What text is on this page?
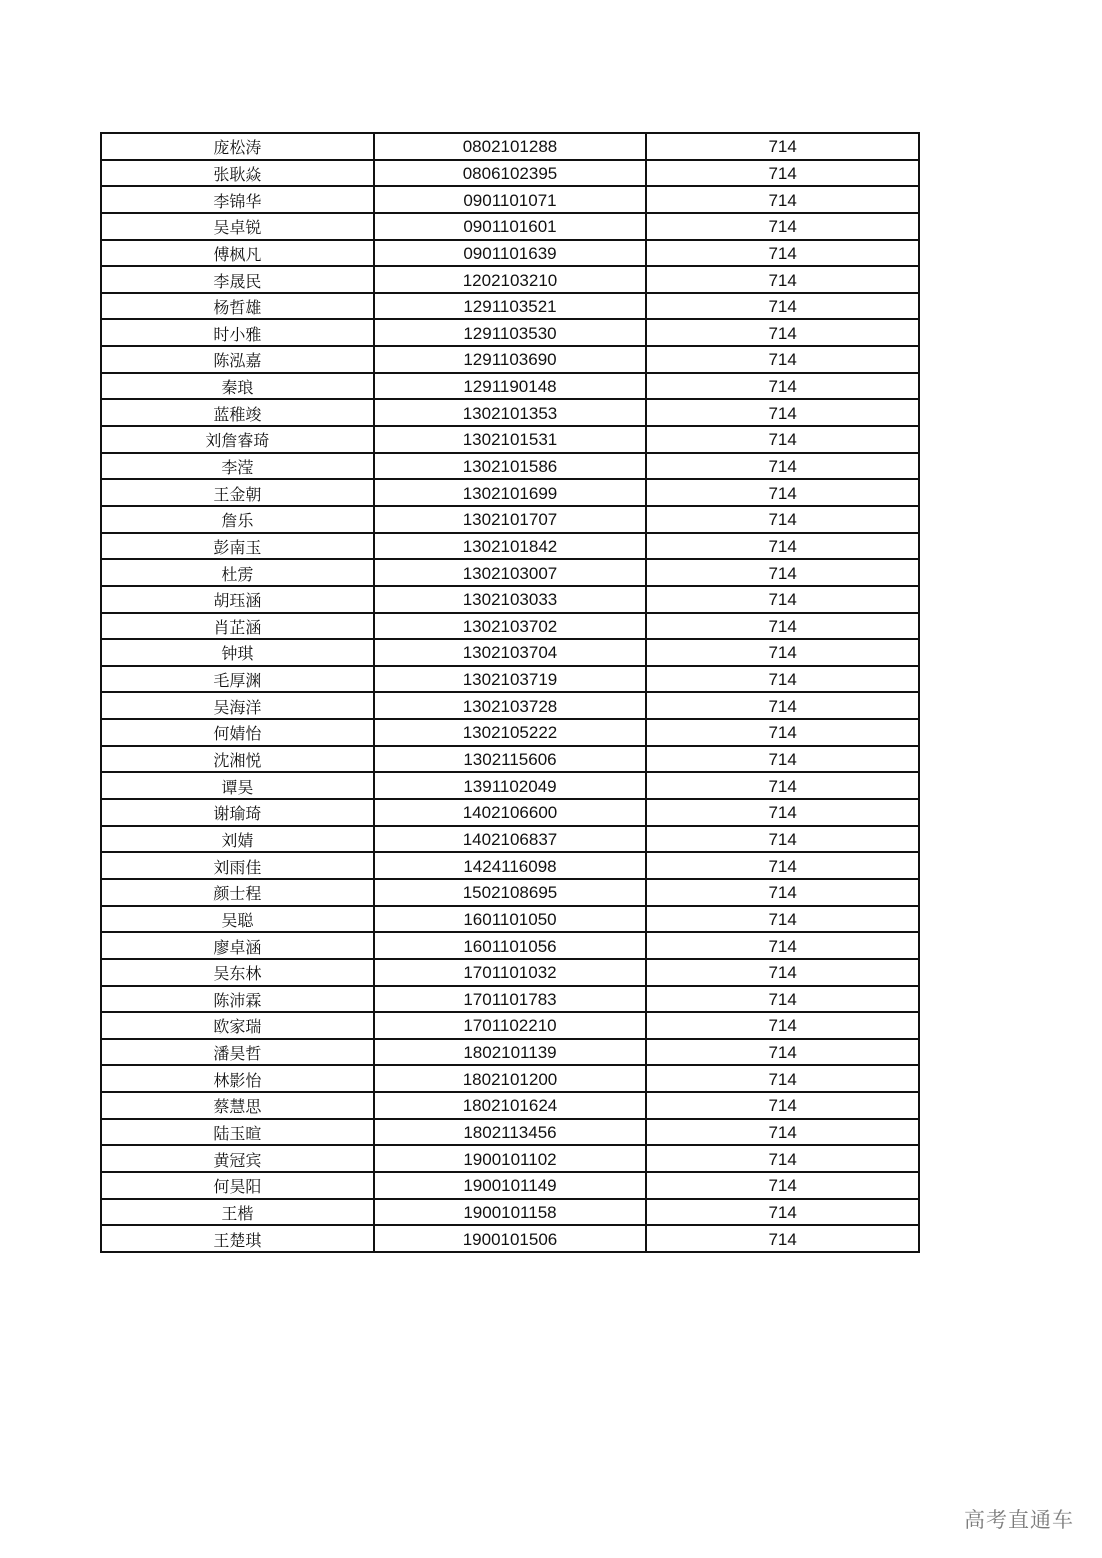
庞松涛	0802101288	714
张耿焱	0806102395	714
李锦华	0901101071	714
吴卓锐	0901101601	714
傅枫凡	0901101639	714
李晟民	1202103210	714
杨哲雄	1291103521	714
时小雅	1291103530	714
陈泓嘉	1291103690	714
秦琅	1291190148	714
蓝稚竣	1302101353	714
刘詹睿琦	1302101531	714
李滢	1302101586	714
王金朝	1302101699	714
詹乐	1302101707	714
彭南玉	1302101842	714
杜雳	1302103007	714
胡珏涵	1302103033	714
肖芷涵	1302103702	714
钟琪	1302103704	714
毛厚渊	1302103719	714
吴海洋	1302103728	714
何婧怡	1302105222	714
沈湘悦	1302115606	714
谭昊	1391102049	714
谢瑜琦	1402106600	714
刘婧	1402106837	714
刘雨佳	1424116098	714
颜士程	1502108695	714
吴聪	1601101050	714
廖卓涵	1601101056	714
吴东林	1701101032	714
陈沛霖	1701101783	714
欧家瑞	1701102210	714
潘昊哲	1802101139	714
林影怡	1802101200	714
蔡慧思	1802101624	714
陆玉暄	1802113456	714
黄冠宾	1900101102	714
何昊阳	1900101149	714
王楷	1900101158	714
王楚琪	1900101506	714
高考直通车
